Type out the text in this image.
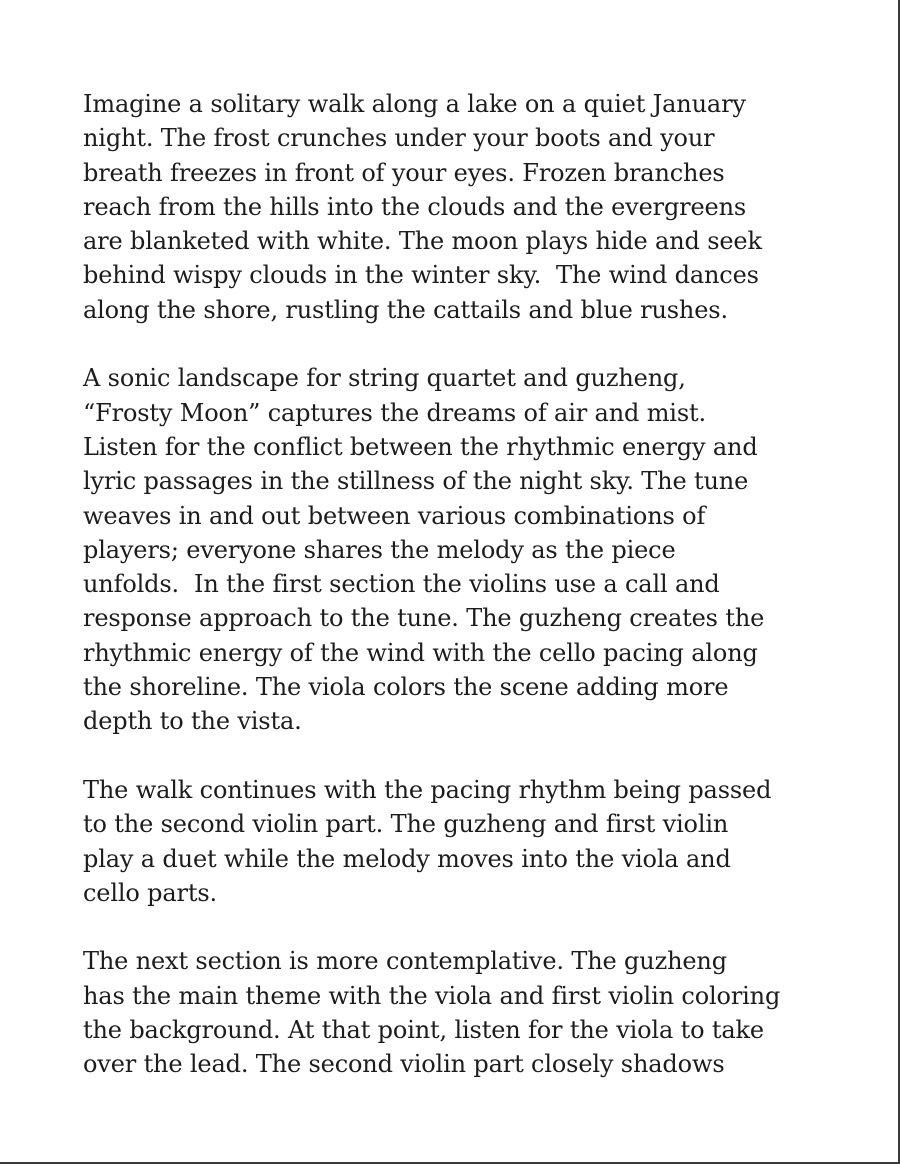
Imagine a solitary walk along a lake on a quiet January
night. The frost crunches under your boots and your
breath freezes in front of your eyes. Frozen branches
reach from the hills into the clouds and the evergreens
are blanketed with white. The moon plays hide and seek
behind wispy clouds in the winter sky.  The wind dances
along the shore, rustling the cattails and blue rushes.

A sonic landscape for string quartet and guzheng,
“Frosty Moon” captures the dreams of air and mist.
Listen for the conflict between the rhythmic energy and
lyric passages in the stillness of the night sky. The tune
weaves in and out between various combinations of
players; everyone shares the melody as the piece
unfolds.  In the first section the violins use a call and
response approach to the tune. The guzheng creates the
rhythmic energy of the wind with the cello pacing along
the shoreline. The viola colors the scene adding more
depth to the vista.

The walk continues with the pacing rhythm being passed
to the second violin part. The guzheng and first violin
play a duet while the melody moves into the viola and
cello parts.

The next section is more contemplative. The guzheng
has the main theme with the viola and first violin coloring
the background. At that point, listen for the viola to take
over the lead. The second violin part closely shadows
